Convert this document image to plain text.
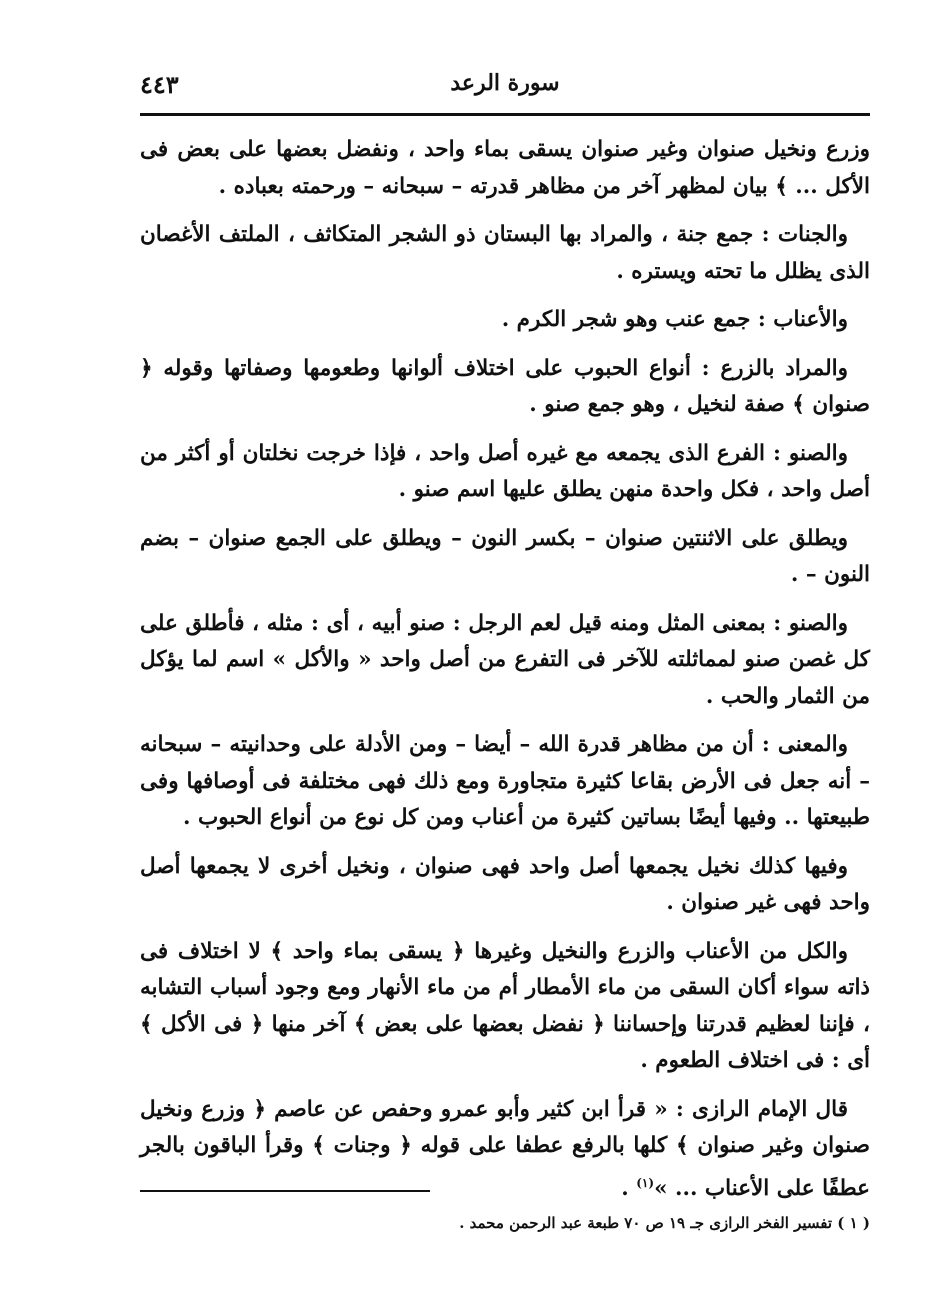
سورة الرعد
٤٤٣

وزرع ونخيل صنوان وغير صنوان يسقى بماء واحد ، ونفضل بعضها على بعض فى الأكل ... ﴾ بيان لمظهر آخر من مظاهر قدرته – سبحانه – ورحمته بعباده .

والجنات : جمع جنة ، والمراد بها البستان ذو الشجر المتكاثف ، الملتف الأغصان الذى يظلل ما تحته ويستره .

والأعناب : جمع عنب وهو شجر الكرم .

والمراد بالزرع : أنواع الحبوب على اختلاف ألوانها وطعومها وصفاتها وقوله ﴿ صنوان ﴾ صفة لنخيل ، وهو جمع صنو .

والصنو : الفرع الذى يجمعه مع غيره أصل واحد ، فإذا خرجت نخلتان أو أكثر من أصل واحد ، فكل واحدة منهن يطلق عليها اسم صنو .

ويطلق على الاثنتين صنوان – بكسر النون – ويطلق على الجمع صنوان – بضم النون – .

والصنو : بمعنى المثل ومنه قيل لعم الرجل : صنو أبيه ، أى : مثله ، فأطلق على كل غصن صنو لمماثلته للآخر فى التفرع من أصل واحد « والأكل » اسم لما يؤكل من الثمار والحب .

والمعنى : أن من مظاهر قدرة الله – أيضا – ومن الأدلة على وحدانيته – سبحانه – أنه جعل فى الأرض بقاعا كثيرة متجاورة ومع ذلك فهى مختلفة فى أوصافها وفى طبيعتها .. وفيها أيضًا بساتين كثيرة من أعناب ومن كل نوع من أنواع الحبوب .

وفيها كذلك نخيل يجمعها أصل واحد فهى صنوان ، ونخيل أخرى لا يجمعها أصل واحد فهى غير صنوان .

والكل من الأعناب والزرع والنخيل وغيرها ﴿ يسقى بماء واحد ﴾ لا اختلاف فى ذاته سواء أكان السقى من ماء الأمطار أم من ماء الأنهار ومع وجود أسباب التشابه ، فإننا لعظيم قدرتنا وإحساننا ﴿ نفضل بعضها على بعض ﴾ آخر منها ﴿ فى الأكل ﴾ أى : فى اختلاف الطعوم .

قال الإمام الرازى : « قرأ ابن كثير وأبو عمرو وحفص عن عاصم ﴿ وزرع ونخيل صنوان وغير صنوان ﴾ كلها بالرفع عطفا على قوله ﴿ وجنات ﴾ وقرأ الباقون بالجر عطفًا على الأعناب ... »$^{(١)}$ .

( ١ ) تفسير الفخر الرازى جـ ١٩ ص ٧٠ طبعة عبد الرحمن محمد .
